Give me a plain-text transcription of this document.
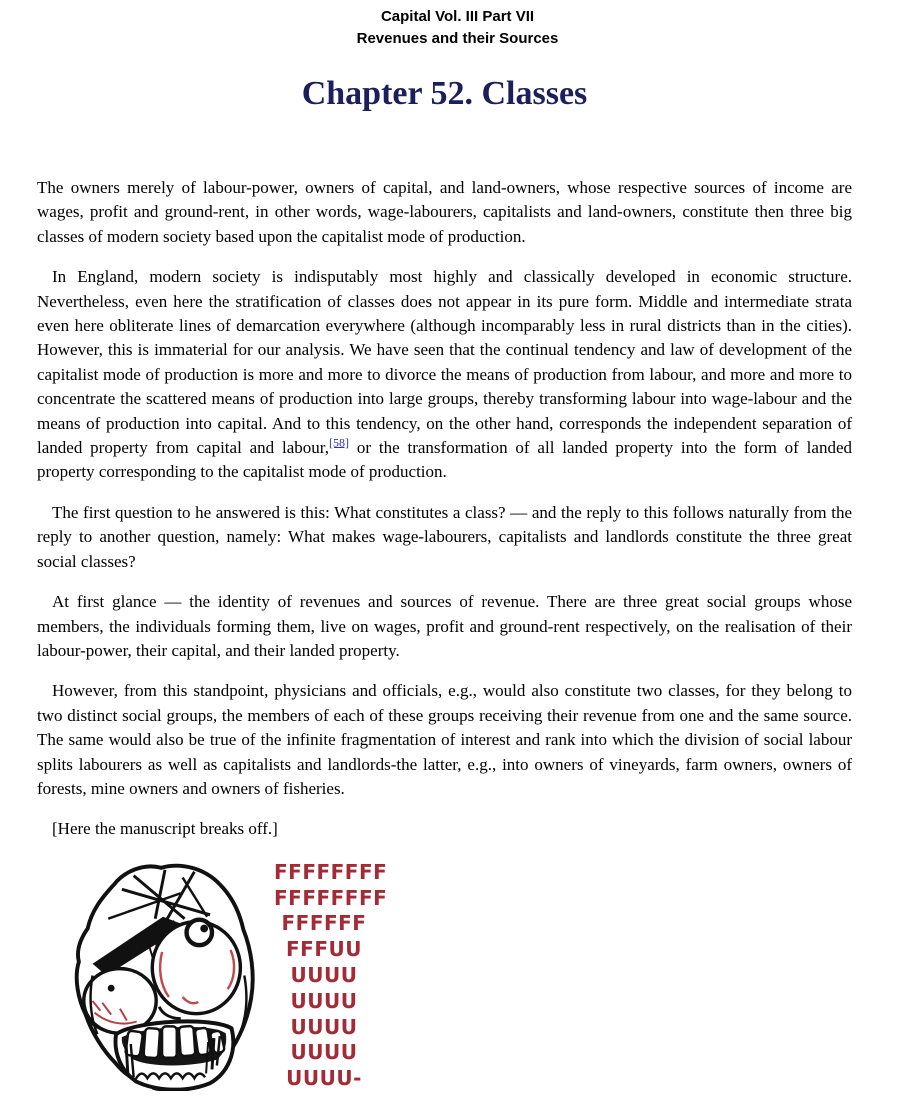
Capital Vol. III Part VII
Revenues and their Sources
Chapter 52. Classes

The owners merely of labour-power, owners of capital, and land-owners, whose respective sources of income are wages, profit and ground-rent, in other words, wage-labourers, capitalists and land-owners, constitute then three big classes of modern society based upon the capitalist mode of production.

In England, modern society is indisputably most highly and classically developed in economic structure. Nevertheless, even here the stratification of classes does not appear in its pure form. Middle and intermediate strata even here obliterate lines of demarcation everywhere (although incomparably less in rural districts than in the cities). However, this is immaterial for our analysis. We have seen that the continual tendency and law of development of the capitalist mode of production is more and more to divorce the means of production from labour, and more and more to concentrate the scattered means of production into large groups, thereby transforming labour into wage-labour and the means of production into capital. And to this tendency, on the other hand, corresponds the independent separation of landed property from capital and labour,[58] or the transformation of all landed property into the form of landed property corresponding to the capitalist mode of production.

The first question to he answered is this: What constitutes a class? — and the reply to this follows naturally from the reply to another question, namely: What makes wage-labourers, capitalists and landlords constitute the three great social classes?

At first glance — the identity of revenues and sources of revenue. There are three great social groups whose members, the individuals forming them, live on wages, profit and ground-rent respectively, on the realisation of their labour-power, their capital, and their landed property.

However, from this standpoint, physicians and officials, e.g., would also constitute two classes, for they belong to two distinct social groups, the members of each of these groups receiving their revenue from one and the same source. The same would also be true of the infinite fragmentation of interest and rank into which the division of social labour splits labourers as well as capitalists and landlords-the latter, e.g., into owners of vineyards, farm owners, owners of forests, mine owners and owners of fisheries.

[Here the manuscript breaks off.]

FFFFFFFF
FFFFFFFF
FFFFFF
FFFUU
UUUU
UUUU
UUUU
UUUU
UUUU-
